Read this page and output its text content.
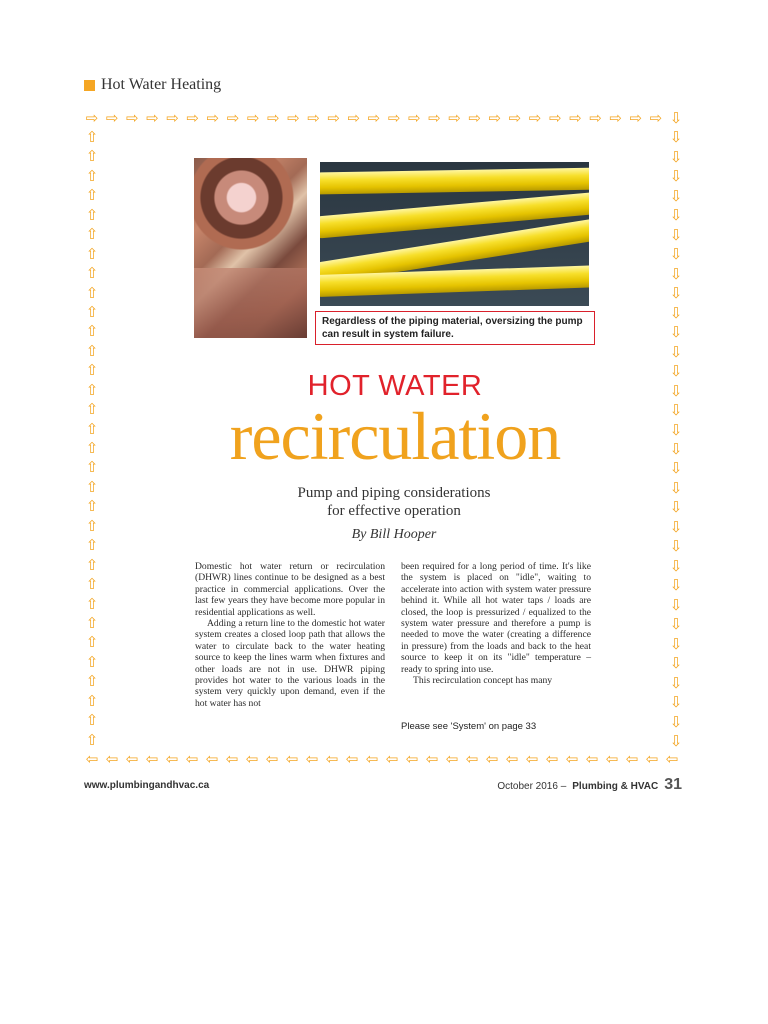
Hot Water Heating
⇨ ⇨ ⇨ ⇨ ⇨ ⇨ ⇨ ⇨ ⇨ ⇨ ⇨ ⇨ ⇨ ⇨ ⇨ ⇨ ⇨ ⇨ ⇨ ⇨ ⇨ ⇨ ⇨ ⇨ ⇨ ⇨ ⇨ ⇨ ⇨ ⇩
⇩
⇩
⇩
⇩
⇩
⇩
⇩
⇩
⇩
⇩
⇩
⇩
⇩
⇩
⇩
⇩
⇩
⇩
⇩
⇩
⇩
⇩
⇩
⇩
⇩
⇩
⇩
⇩
⇩
⇩
⇩
⇩
⇦ ⇦ ⇦ ⇦ ⇦ ⇦ ⇦ ⇦ ⇦ ⇦ ⇦ ⇦ ⇦ ⇦ ⇦ ⇦ ⇦ ⇦ ⇦ ⇦ ⇦ ⇦ ⇦ ⇦ ⇦ ⇦ ⇦ ⇦ ⇦ ⇦
⇧
⇧
⇧
⇧
⇧
⇧
⇧
⇧
⇧
⇧
⇧
⇧
⇧
⇧
⇧
⇧
⇧
⇧
⇧
⇧
⇧
⇧
⇧
⇧
⇧
⇧
⇧
⇧
⇧
⇧
⇧
⇧
Regardless of the piping material, oversizing the pump can result in system failure.
HOT WATER
recirculation
Pump and piping considerations
for effective operation
By Bill Hooper

Domestic hot water return or recirculation (DHWR) lines continue to be designed as a best practice in commercial applications. Over the last few years they have become more popular in residential applications as well.

Adding a return line to the domestic hot water system creates a closed loop path that allows the water to circulate back to the water heating source to keep the lines warm when fixtures and other loads are not in use. DHWR piping provides hot water to the various loads in the system very quickly upon demand, even if the hot water has not

been required for a long period of time. It's like the system is placed on "idle", waiting to accelerate into action with system water pressure behind it. While all hot water taps / loads are closed, the loop is pressurized / equalized to the system water pressure and therefore a pump is needed to move the water (creating a difference in pressure) from the loads and back to the heat source to keep it on its "idle" temperature – ready to spring into use.

This recirculation concept has many

Please see 'System' on page 33
www.plumbingandhvac.ca	October 2016 – Plumbing & HVAC 31
